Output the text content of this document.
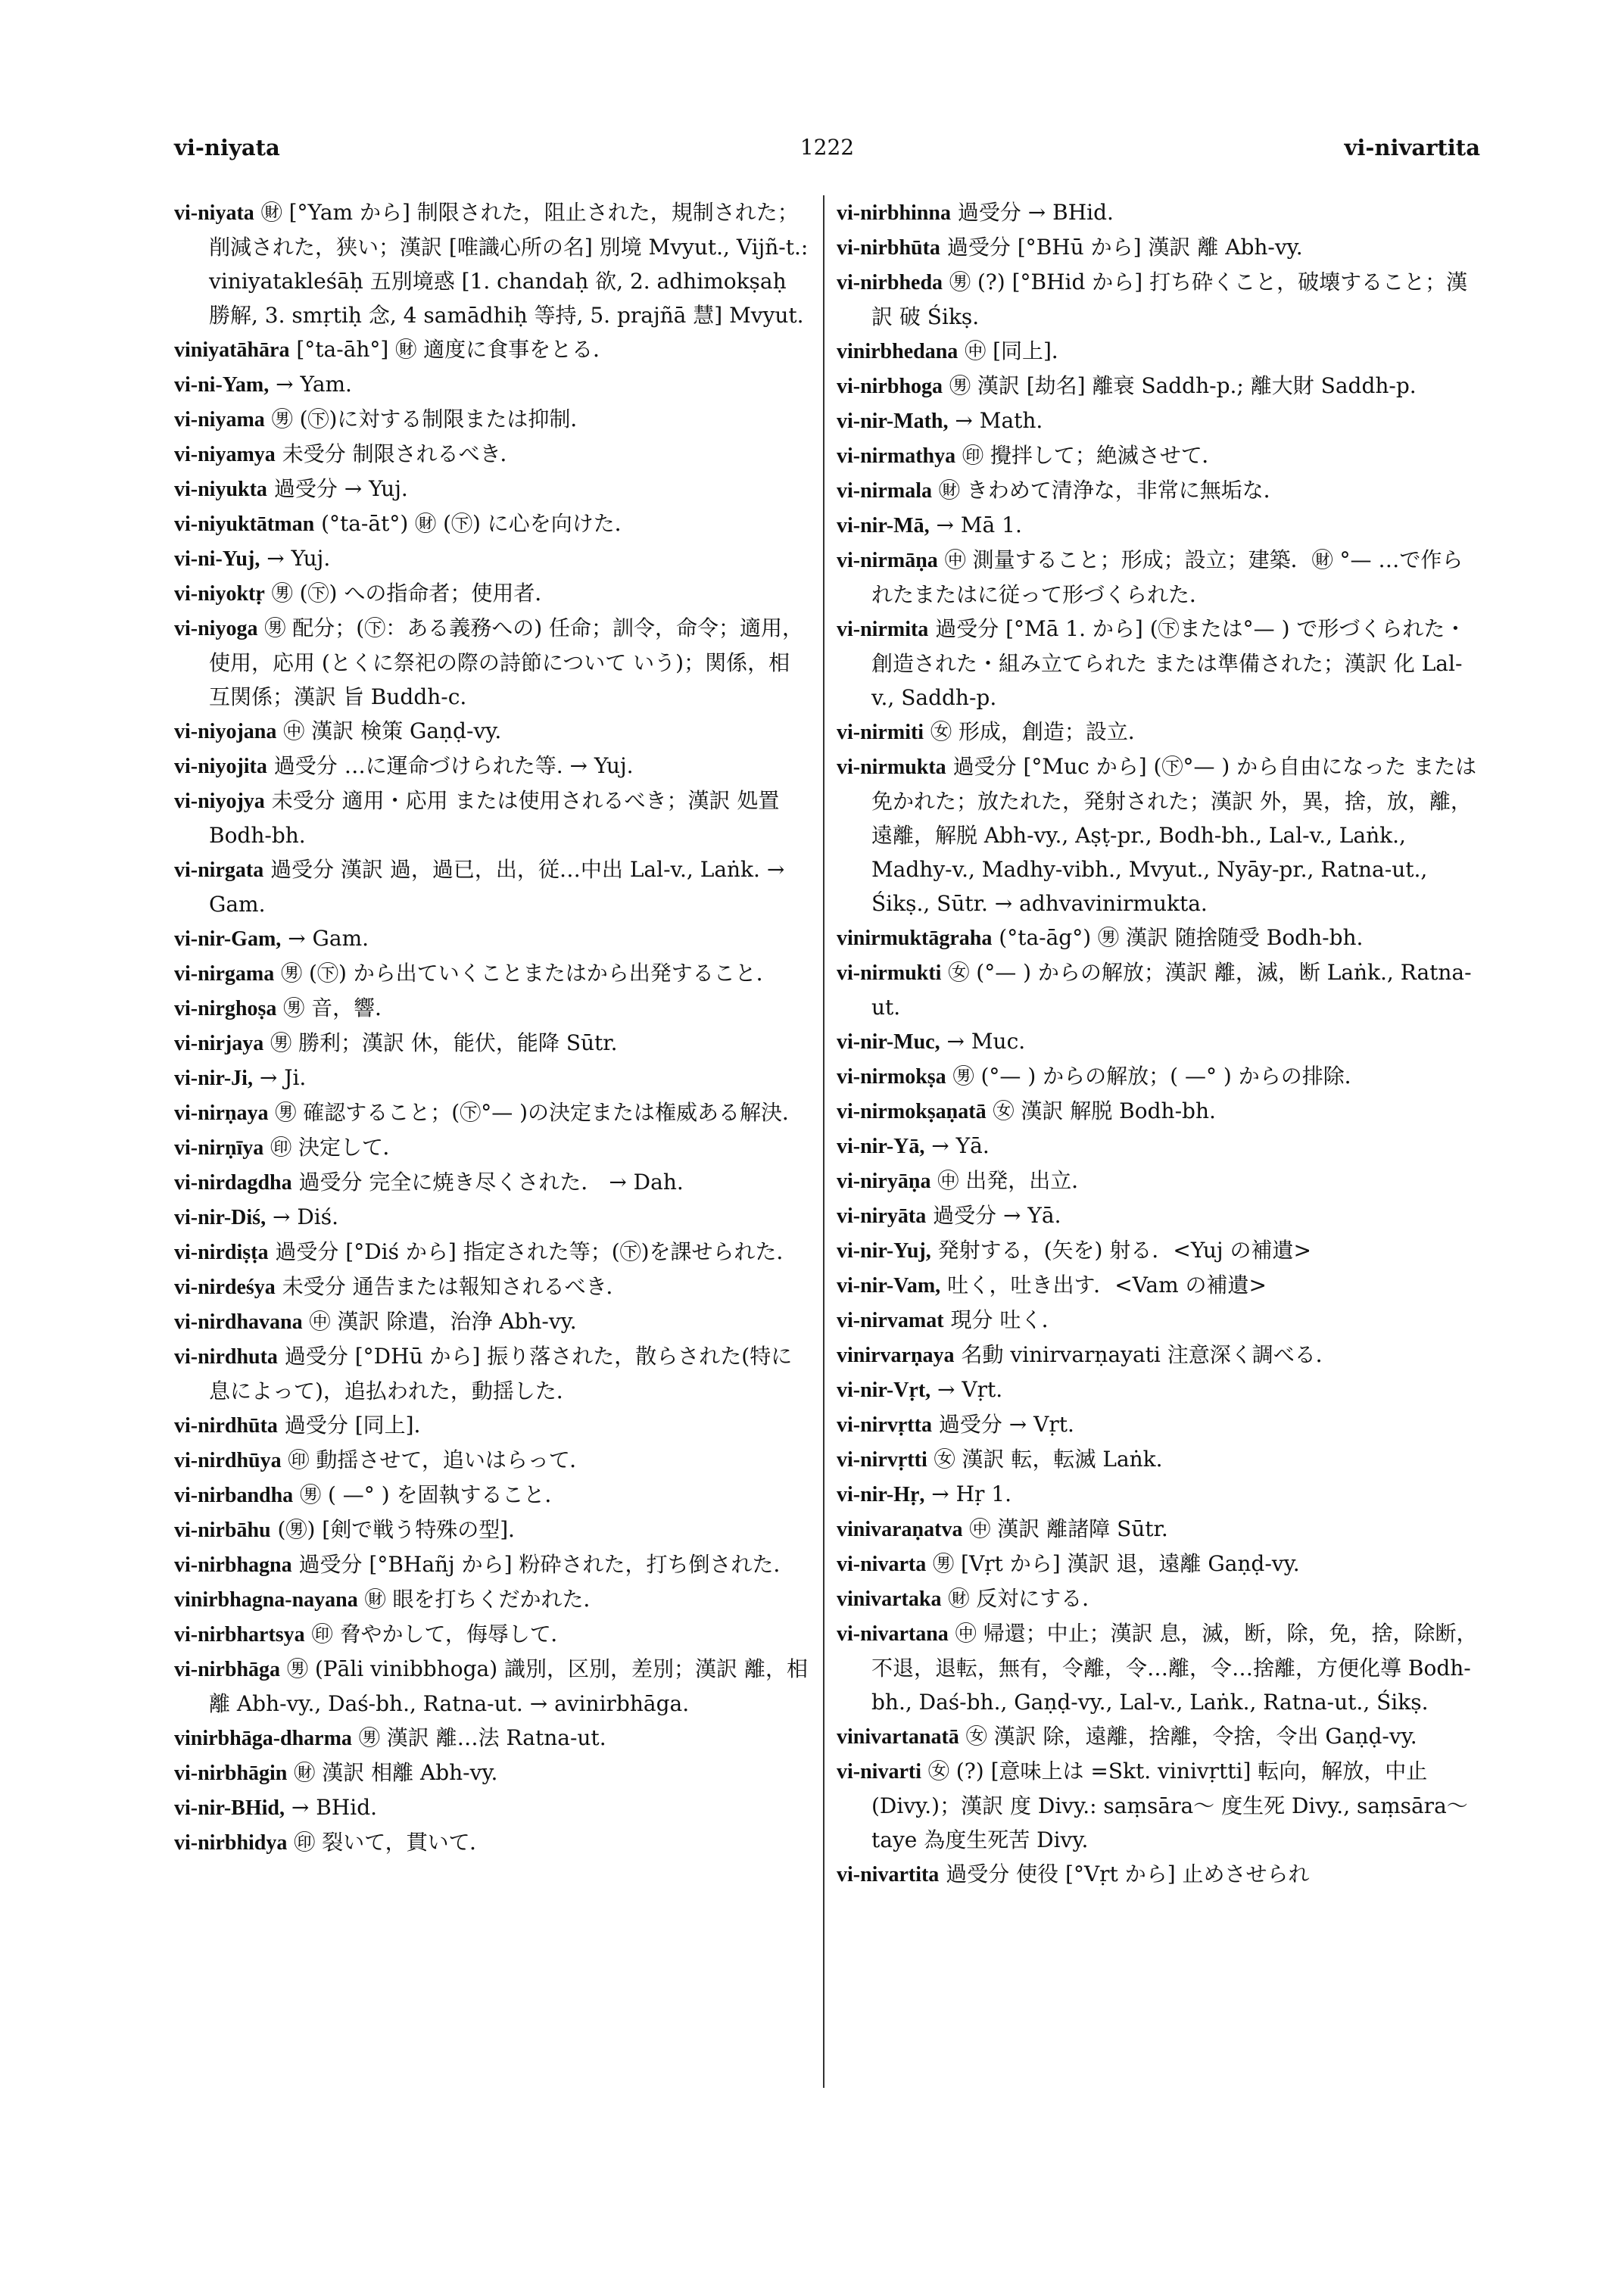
vi-niyata	1222	vi-nivartita

vi-niyata ㊖ [°Yam から] 制限された，阻止された，規制された；削減された，狭い；漢訳 [唯識心所の名] 別境 Mvyut., Vijñ-t.: viniyatakleśāḥ 五別境惑 [1. chandaḥ 欲, 2. adhimokṣaḥ 勝解, 3. smṛtiḥ 念, 4 samādhiḥ 等持, 5. prajñā 慧] Mvyut.

viniyatāhāra [°ta-āh°] ㊖ 適度に食事をとる．

vi-ni-Yam, → Yam.

vi-niyama ㊚ (㊦)に対する制限または抑制．

vi-niyamya 未受分 制限されるべき．

vi-niyukta 過受分 → Yuj.

vi-niyuktātman (°ta-āt°) ㊖ (㊦) に心を向けた．

vi-ni-Yuj, → Yuj.

vi-niyoktṛ ㊚ (㊦) への指命者；使用者．

vi-niyoga ㊚ 配分；(㊦：ある義務への) 任命；訓令，命令；適用，使用，応用 (とくに祭祀の際の詩節について いう)；関係，相互関係；漢訳 旨 Buddh-c.

vi-niyojana ㊥ 漢訳 検策 Gaṇḍ-vy.

vi-niyojita 過受分 …に運命づけられた等. → Yuj.

vi-niyojya 未受分 適用・応用 または使用されるべき；漢訳 処置 Bodh-bh.

vi-nirgata 過受分 漢訳 過，過已，出，従…中出 Lal-v., Laṅk. → Gam.

vi-nir-Gam, → Gam.

vi-nirgama ㊚ (㊦) から出ていくことまたはから出発すること．

vi-nirghoṣa ㊚ 音，響．

vi-nirjaya ㊚ 勝利；漢訳 休，能伏，能降 Sūtr.

vi-nir-Ji, → Ji.

vi-nirṇaya ㊚ 確認すること；(㊦°— )の決定または権威ある解決．

vi-nirṇīya ㊞ 決定して．

vi-nirdagdha 過受分 完全に焼き尽くされた． → Dah.

vi-nir-Diś, → Diś.

vi-nirdiṣṭa 過受分 [°Diś から] 指定された等；(㊦)を課せられた．

vi-nirdeśya 未受分 通告または報知されるべき．

vi-nirdhavana ㊥ 漢訳 除遣，治浄 Abh-vy.

vi-nirdhuta 過受分 [°DHū から] 振り落された，散らされた(特に息によって)，追払われた，動揺した．

vi-nirdhūta 過受分 [同上]．

vi-nirdhūya ㊞ 動揺させて，追いはらって．

vi-nirbandha ㊚ ( —° ) を固執すること．

vi-nirbāhu (㊚) [剣で戦う特殊の型]．

vi-nirbhagna 過受分 [°BHañj から] 粉砕された，打ち倒された．

vinirbhagna-nayana ㊖ 眼を打ちくだかれた．

vi-nirbhartsya ㊞ 脅やかして，侮辱して．

vi-nirbhāga ㊚ (Pāli vinibbhoga) 識別，区別，差別；漢訳 離，相離 Abh-vy., Daś-bh., Ratna-ut. → avinirbhāga.

vinirbhāga-dharma ㊚ 漢訳 離…法 Ratna-ut.

vi-nirbhāgin ㊖ 漢訳 相離 Abh-vy.

vi-nir-BHid, → BHid.

vi-nirbhidya ㊞ 裂いて，貫いて．

vi-nirbhinna 過受分 → BHid.

vi-nirbhūta 過受分 [°BHū から] 漢訳 離 Abh-vy.

vi-nirbheda ㊚ (?) [°BHid から] 打ち砕くこと，破壊すること；漢訳 破 Śikṣ.

vinirbhedana ㊥ [同上]．

vi-nirbhoga ㊚ 漢訳 [劫名] 離衰 Saddh-p.; 離大財 Saddh-p.

vi-nir-Math, → Math.

vi-nirmathya ㊞ 攪拌して；絶滅させて．

vi-nirmala ㊖ きわめて清浄な，非常に無垢な．

vi-nir-Mā, → Mā 1.

vi-nirmāṇa ㊥ 測量すること；形成；設立；建築．㊖ °— …で作られたまたはに従って形づくられた．

vi-nirmita 過受分 [°Mā 1. から] (㊦または°— ) で形づくられた・創造された・組み立てられた または準備された；漢訳 化 Lal-v., Saddh-p.

vi-nirmiti ㊛ 形成，創造；設立．

vi-nirmukta 過受分 [°Muc から] (㊦°— ) から自由になった または免かれた；放たれた，発射された；漢訳 外，異，捨，放，離，遠離，解脱 Abh-vy., Aṣṭ-pr., Bodh-bh., Lal-v., Laṅk., Madhy-v., Madhy-vibh., Mvyut., Nyāy-pr., Ratna-ut., Śikṣ., Sūtr. → adhvavinirmukta.

vinirmuktāgraha (°ta-āg°) ㊚ 漢訳 随捨随受 Bodh-bh.

vi-nirmukti ㊛ (°— ) からの解放；漢訳 離，滅，断 Laṅk., Ratna-ut.

vi-nir-Muc, → Muc.

vi-nirmokṣa ㊚ (°— ) からの解放；( —° ) からの排除．

vi-nirmokṣaṇatā ㊛ 漢訳 解脱 Bodh-bh.

vi-nir-Yā, → Yā.

vi-niryāṇa ㊥ 出発，出立．

vi-niryāta 過受分 → Yā.

vi-nir-Yuj, 発射する，(矢を) 射る．<Yuj の補遺>

vi-nir-Vam, 吐く，吐き出す．<Vam の補遺>

vi-nirvamat 現分 吐く．

vinirvarṇaya 名動 vinirvarṇayati 注意深く調べる．

vi-nir-Vṛt, → Vṛt.

vi-nirvṛtta 過受分 → Vṛt.

vi-nirvṛtti ㊛ 漢訳 転，転滅 Laṅk.

vi-nir-Hṛ, → Hṛ 1.

vinivaraṇatva ㊥ 漢訳 離諸障 Sūtr.

vi-nivarta ㊚ [Vṛt から] 漢訳 退，遠離 Gaṇḍ-vy.

vinivartaka ㊖ 反対にする．

vi-nivartana ㊥ 帰還；中止；漢訳 息，滅，断，除，免，捨，除断，不退，退転，無有，令離，令…離，令…捨離，方便化導 Bodh-bh., Daś-bh., Gaṇḍ-vy., Lal-v., Laṅk., Ratna-ut., Śikṣ.

vinivartanatā ㊛ 漢訳 除，遠離，捨離，令捨，令出 Gaṇḍ-vy.

vi-nivarti ㊛ (?) [意味上は =Skt. vinivṛtti] 転向，解放，中止 (Divy.)；漢訳 度 Divy.: saṃsāra～ 度生死 Divy., saṃsāra～taye 為度生死苦 Divy.

vi-nivartita 過受分 使役 [°Vṛt から] 止めさせられ
